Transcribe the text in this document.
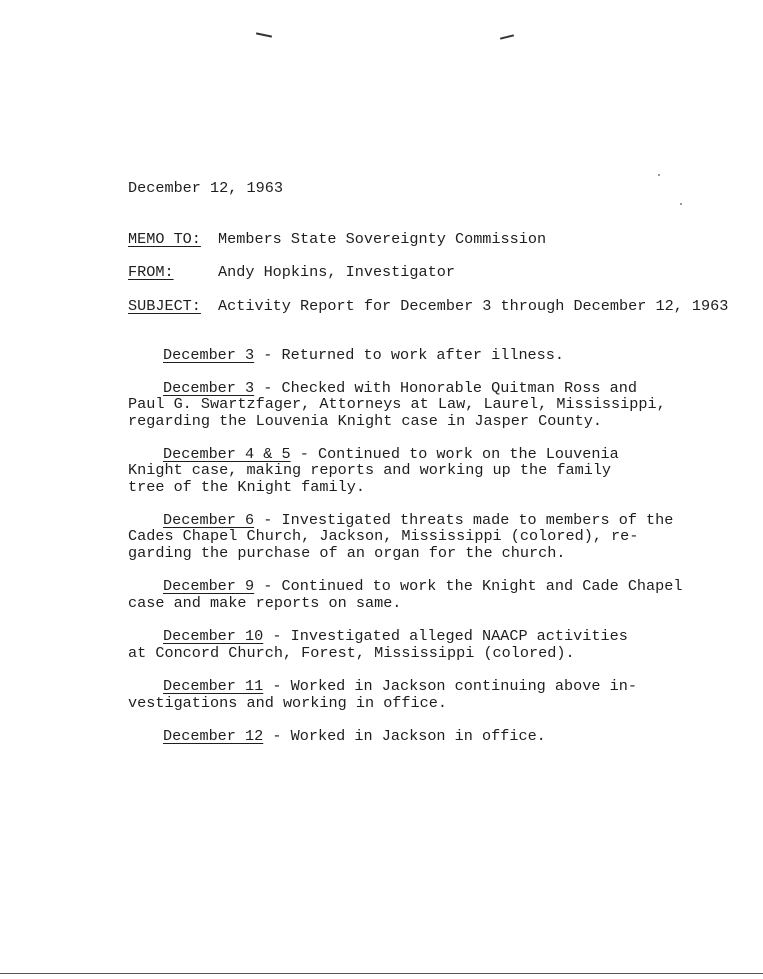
December 12, 1963
MEMO TO: Members State Sovereignty Commission
FROM:	Andy Hopkins, Investigator
SUBJECT: Activity Report for December 3 through December 12, 1963
December 3 - Returned to work after illness.
December 3 - Checked with Honorable Quitman Ross and
Paul G. Swartzfager, Attorneys at Law, Laurel, Mississippi,
regarding the Louvenia Knight case in Jasper County.
December 4 & 5 - Continued to work on the Louvenia
Knight case, making reports and working up the family
tree of the Knight family.
December 6 - Investigated threats made to members of the
Cades Chapel Church, Jackson, Mississippi (colored), re-
garding the purchase of an organ for the church.
December 9 - Continued to work the Knight and Cade Chapel
case and make reports on same.
December 10 - Investigated alleged NAACP activities
at Concord Church, Forest, Mississippi (colored).
December 11 - Worked in Jackson continuing above in-
vestigations and working in office.
December 12 - Worked in Jackson in office.
